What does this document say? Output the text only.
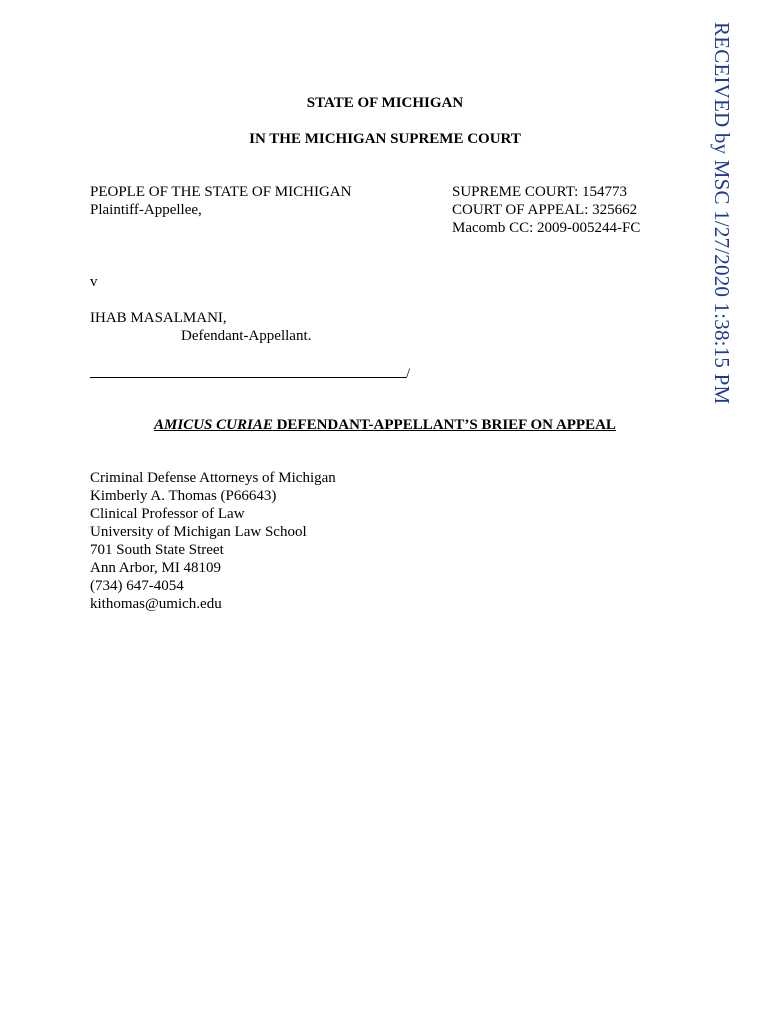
RECEIVED by MSC 1/27/2020 1:38:15 PM
STATE OF MICHIGAN
IN THE MICHIGAN SUPREME COURT
PEOPLE OF THE STATE OF MICHIGAN
Plaintiff-Appellee,
SUPREME COURT: 154773
COURT OF APPEAL: 325662
Macomb CC: 2009-005244-FC
v
IHAB MASALMANI,
Defendant-Appellant.
/
AMICUS CURIAE DEFENDANT-APPELLANT’S BRIEF ON APPEAL
Criminal Defense Attorneys of Michigan
Kimberly A. Thomas (P66643)
Clinical Professor of Law
University of Michigan Law School
701 South State Street
Ann Arbor, MI 48109
(734) 647-4054
kithomas@umich.edu
